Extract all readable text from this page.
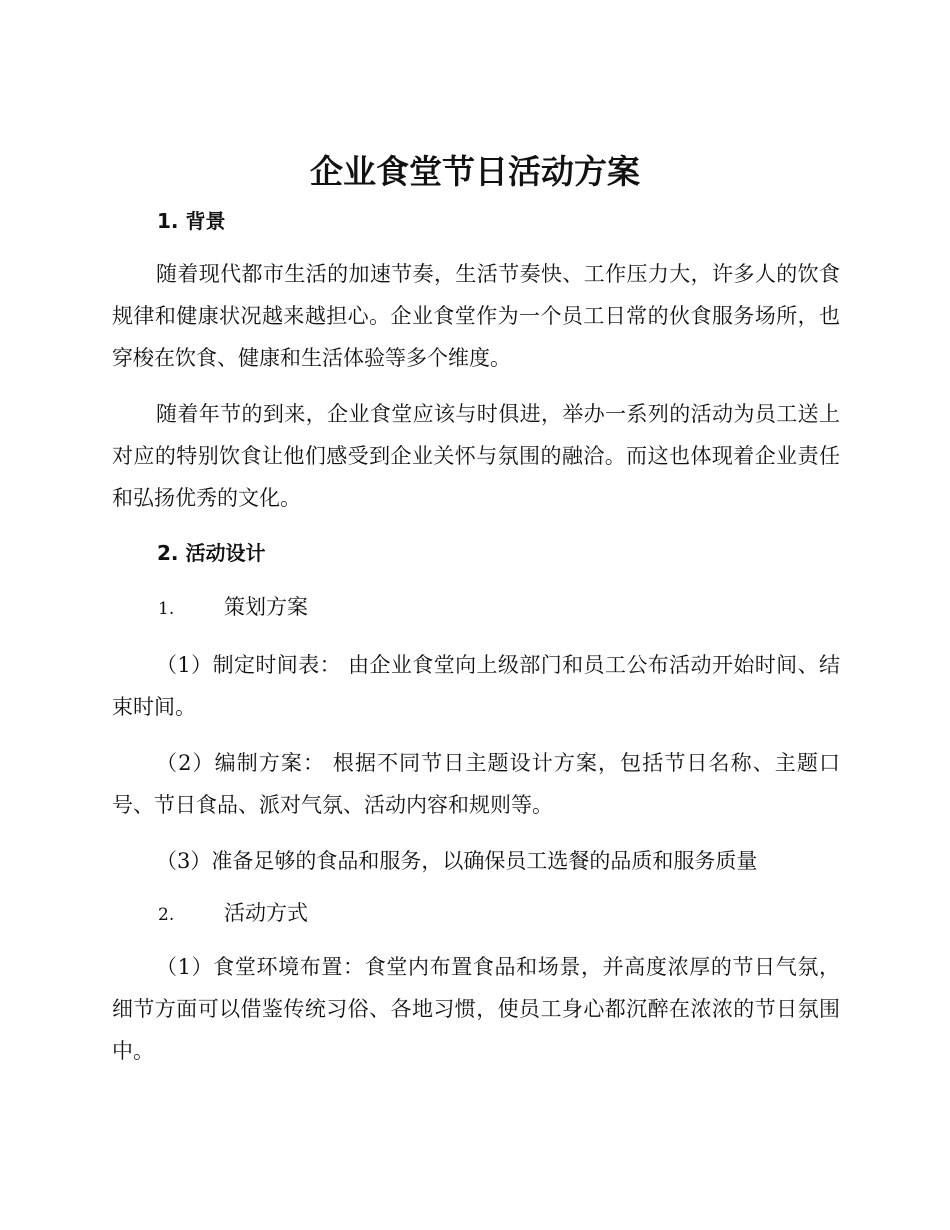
企业食堂节日活动方案
1. 背景

随着现代都市生活的加速节奏，生活节奏快、工作压力大，许多人的饮食规律和健康状况越来越担心。企业食堂作为一个员工日常的伙食服务场所，也穿梭在饮食、健康和生活体验等多个维度。

随着年节的到来，企业食堂应该与时俱进，举办一系列的活动为员工送上对应的特别饮食让他们感受到企业关怀与氛围的融洽。而这也体现着企业责任和弘扬优秀的文化。

2. 活动设计
1. 策划方案

（1）制定时间表： 由企业食堂向上级部门和员工公布活动开始时间、结束时间。

（2）编制方案： 根据不同节日主题设计方案，包括节日名称、主题口号、节日食品、派对气氛、活动内容和规则等。

（3）准备足够的食品和服务，以确保员工选餐的品质和服务质量

2. 活动方式

（1）食堂环境布置：食堂内布置食品和场景，并高度浓厚的节日气氛，细节方面可以借鉴传统习俗、各地习惯，使员工身心都沉醉在浓浓的节日氛围中。
